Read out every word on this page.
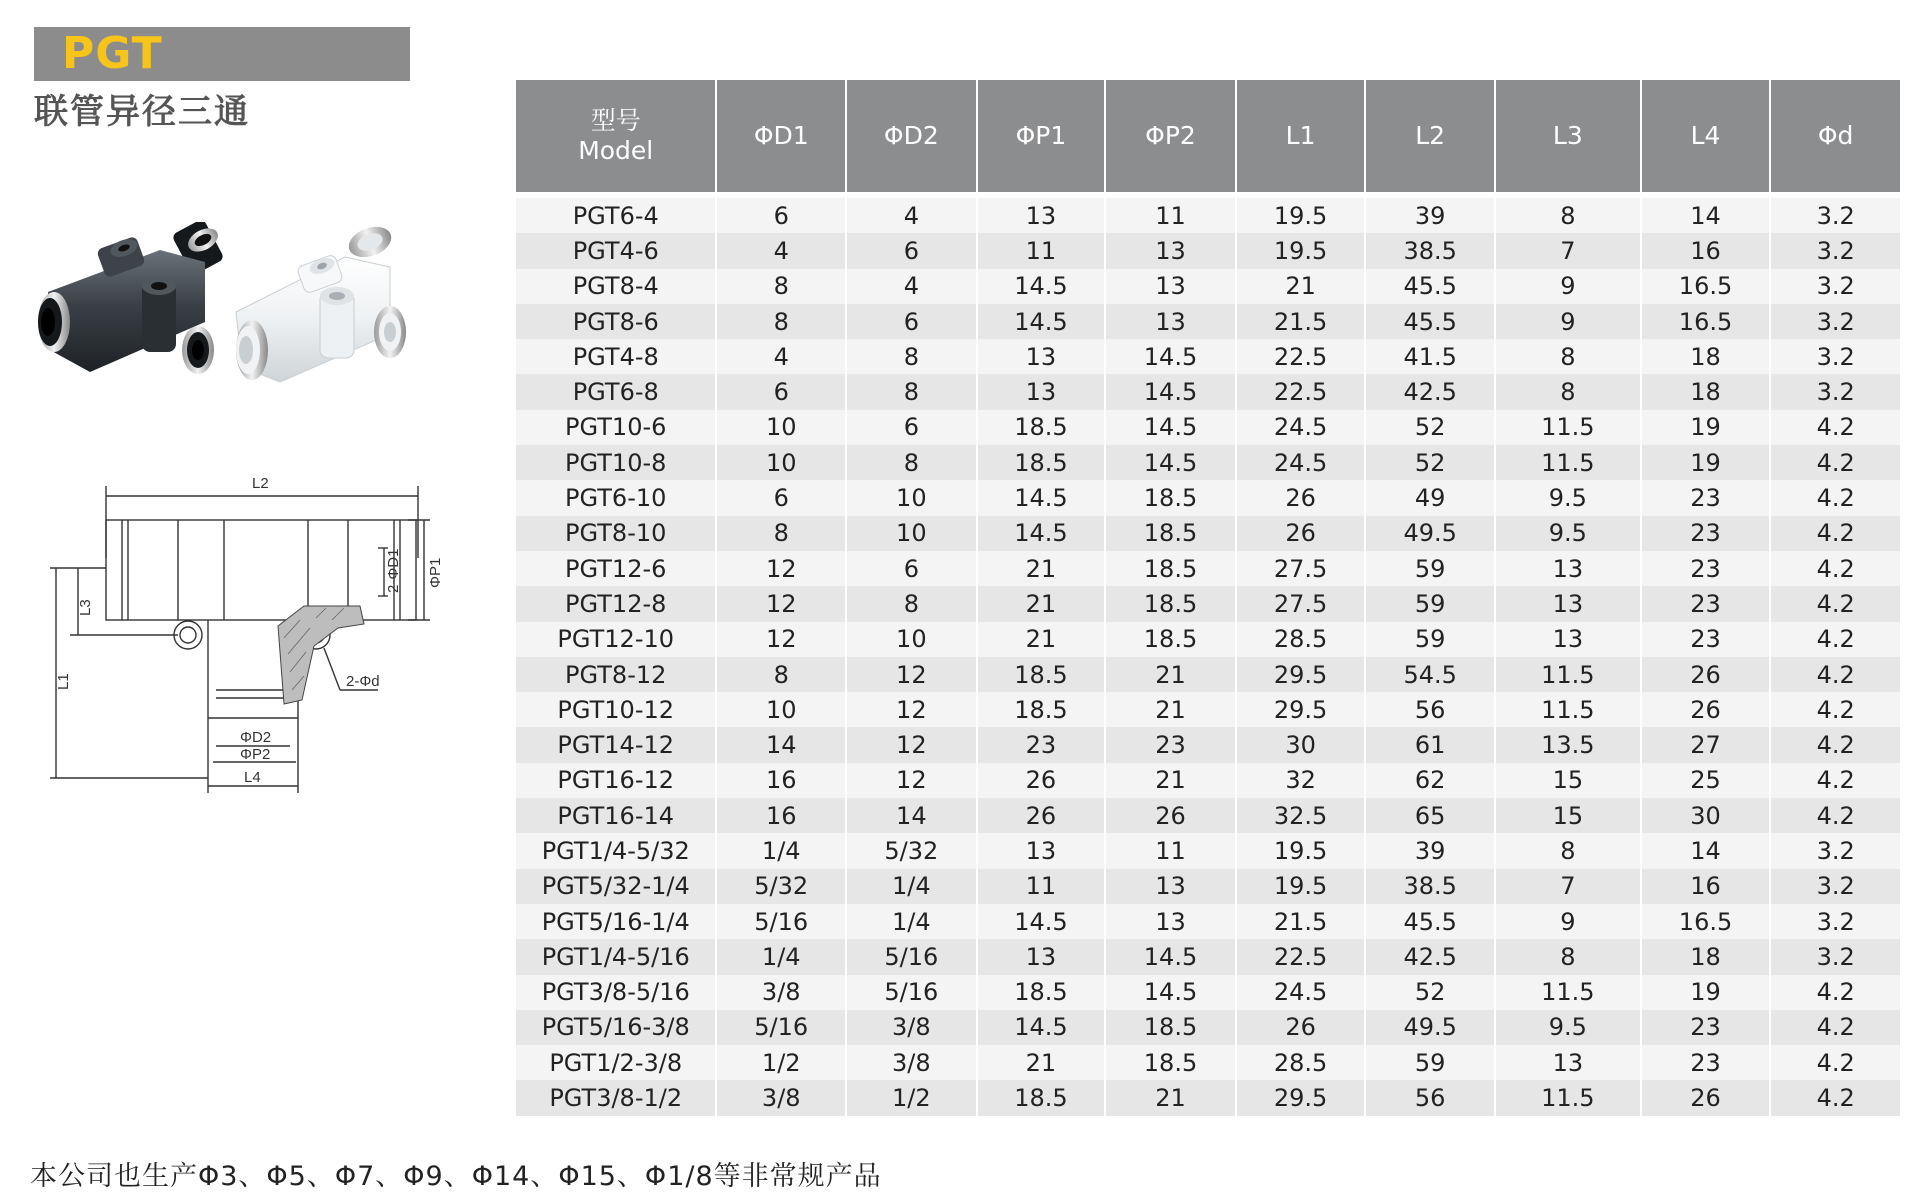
PGT
联管异径三通
L2
2-ΦD1 ΦP1
L3
L1	2-Φd
ΦD2
ΦP2
L4
型号
Model	ΦD1	ΦD2	ΦP1	ΦP2	L1	L2	L3	L4	Φd
PGT6-4	6	4	13	11	19.5	39	8	14	3.2
PGT4-6	4	6	11	13	19.5	38.5	7	16	3.2
PGT8-4	8	4	14.5	13	21	45.5	9	16.5	3.2
PGT8-6	8	6	14.5	13	21.5	45.5	9	16.5	3.2
PGT4-8	4	8	13	14.5	22.5	41.5	8	18	3.2
PGT6-8	6	8	13	14.5	22.5	42.5	8	18	3.2
PGT10-6	10	6	18.5	14.5	24.5	52	11.5	19	4.2
PGT10-8	10	8	18.5	14.5	24.5	52	11.5	19	4.2
PGT6-10	6	10	14.5	18.5	26	49	9.5	23	4.2
PGT8-10	8	10	14.5	18.5	26	49.5	9.5	23	4.2
PGT12-6	12	6	21	18.5	27.5	59	13	23	4.2
PGT12-8	12	8	21	18.5	27.5	59	13	23	4.2
PGT12-10	12	10	21	18.5	28.5	59	13	23	4.2
PGT8-12	8	12	18.5	21	29.5	54.5	11.5	26	4.2
PGT10-12	10	12	18.5	21	29.5	56	11.5	26	4.2
PGT14-12	14	12	23	23	30	61	13.5	27	4.2
PGT16-12	16	12	26	21	32	62	15	25	4.2
PGT16-14	16	14	26	26	32.5	65	15	30	4.2
PGT1/4-5/32	1/4	5/32	13	11	19.5	39	8	14	3.2
PGT5/32-1/4	5/32	1/4	11	13	19.5	38.5	7	16	3.2
PGT5/16-1/4	5/16	1/4	14.5	13	21.5	45.5	9	16.5	3.2
PGT1/4-5/16	1/4	5/16	13	14.5	22.5	42.5	8	18	3.2
PGT3/8-5/16	3/8	5/16	18.5	14.5	24.5	52	11.5	19	4.2
PGT5/16-3/8	5/16	3/8	14.5	18.5	26	49.5	9.5	23	4.2
PGT1/2-3/8	1/2	3/8	21	18.5	28.5	59	13	23	4.2
PGT3/8-1/2	3/8	1/2	18.5	21	29.5	56	11.5	26	4.2
本公司也生产Φ3、Φ5、Φ7、Φ9、Φ14、Φ15、Φ1/8等非常规产品
